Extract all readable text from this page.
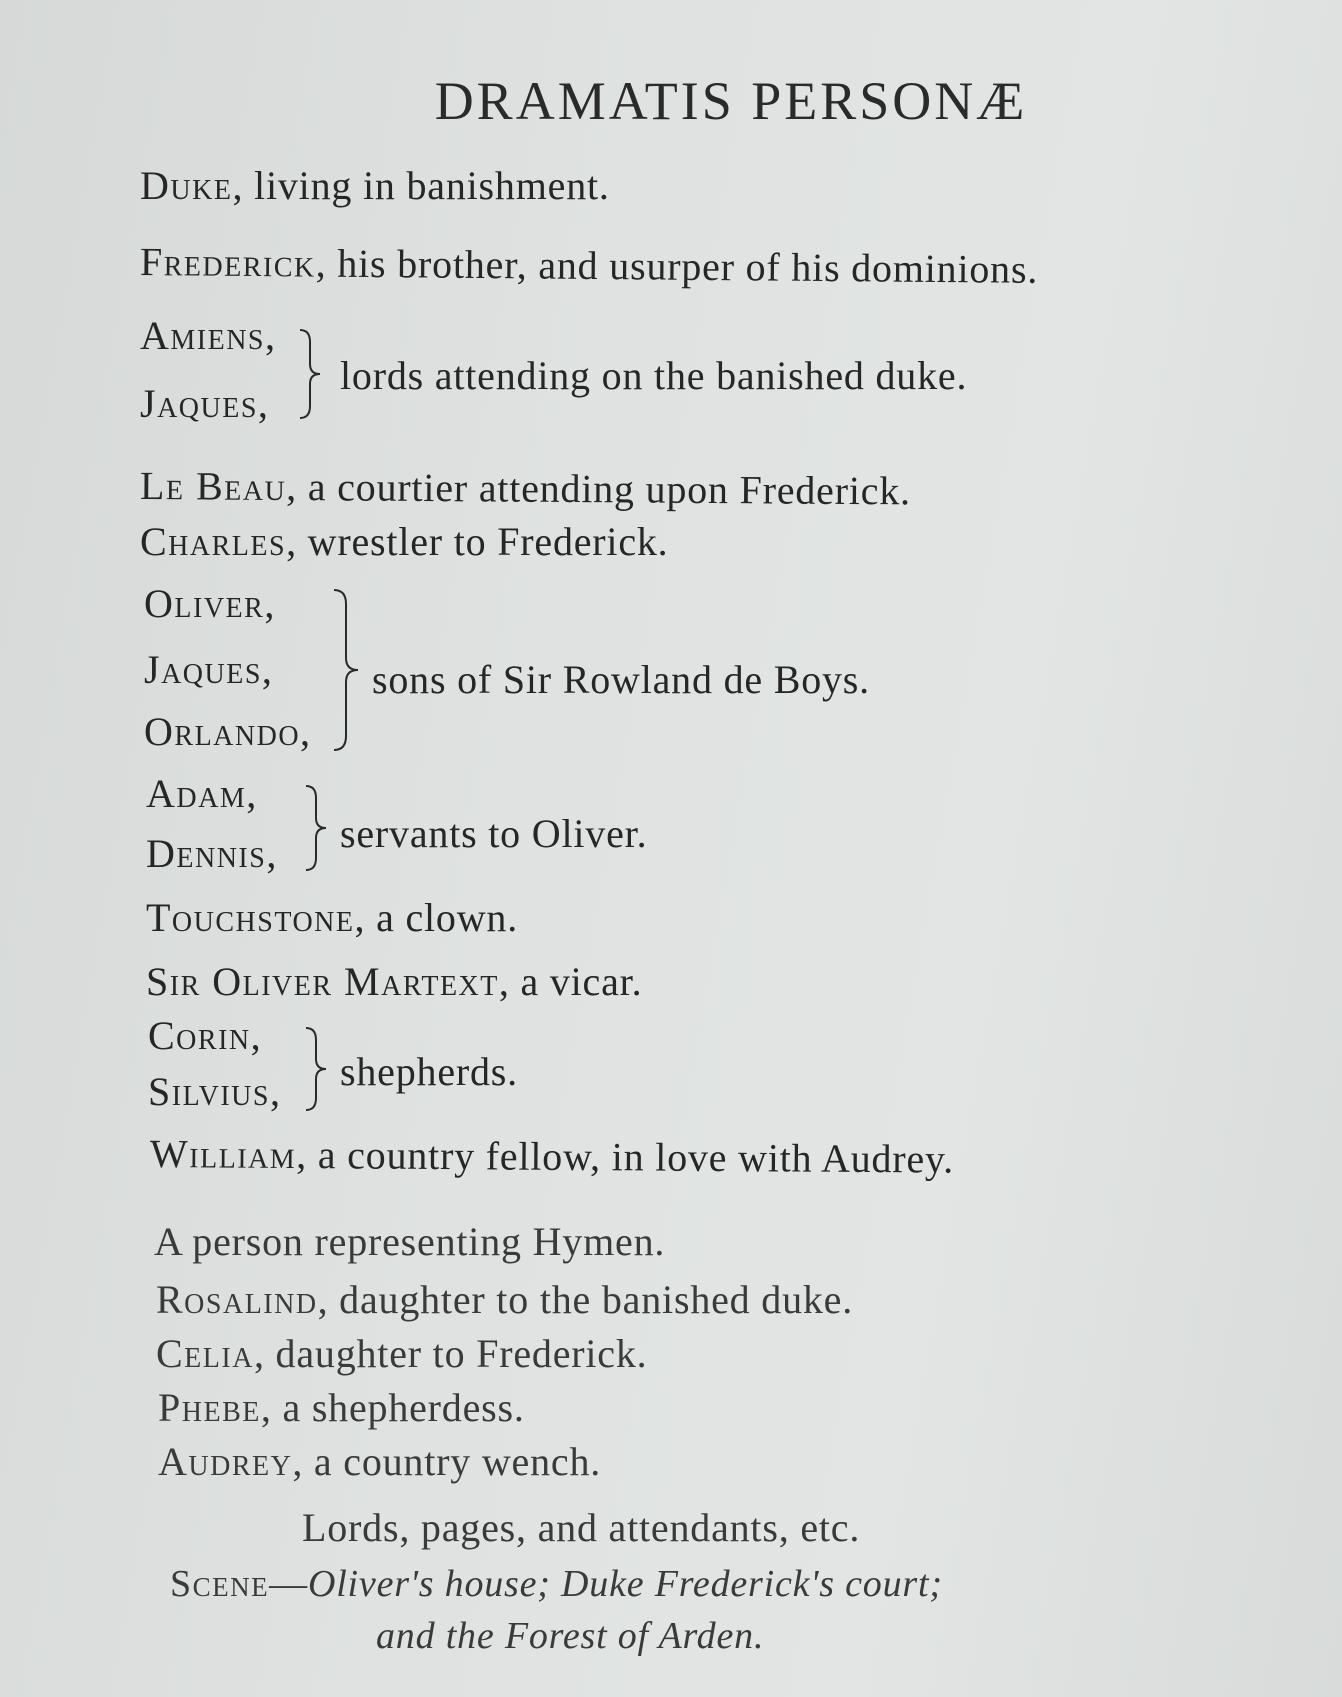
DRAMATIS PERSONÆ
Duke, living in banishment.
Frederick, his brother, and usurper of his dominions.
Amiens,
Jaques,
lords attending on the banished duke.
Le Beau, a courtier attending upon Frederick.
Charles, wrestler to Frederick.
Oliver,
Jaques,
Orlando,
sons of Sir Rowland de Boys.
Adam,
Dennis, servants to Oliver.
Touchstone, a clown.
Sir Oliver Martext, a vicar.
Corin,
Silvius, shepherds.
William, a country fellow, in love with Audrey.
A person representing Hymen.
Rosalind, daughter to the banished duke.
Celia, daughter to Frederick.
Phebe, a shepherdess.
Audrey, a country wench.
Lords, pages, and attendants, etc.
Scene—Oliver's house; Duke Frederick's court;
and the Forest of Arden.
